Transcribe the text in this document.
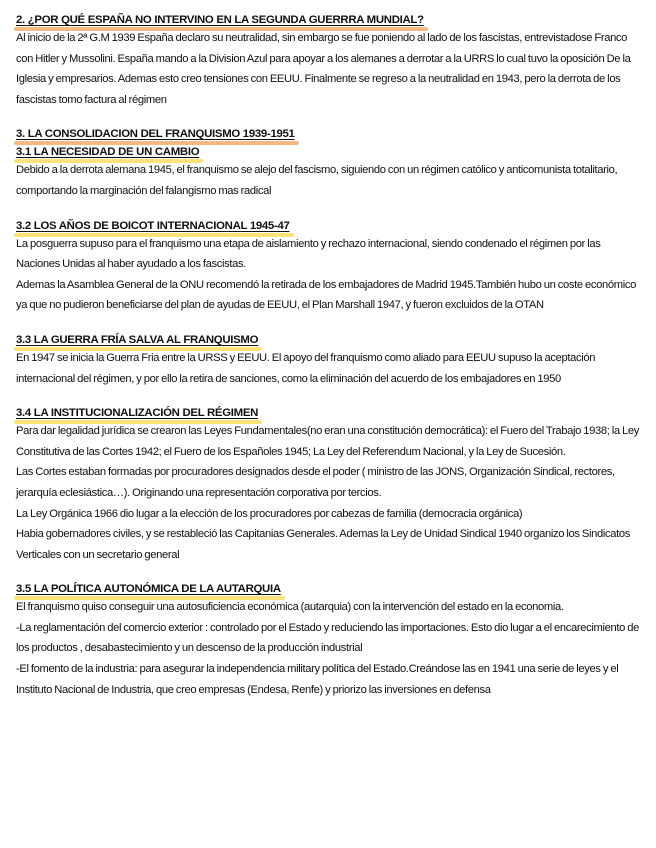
2. ¿POR QUÉ ESPAÑA NO INTERVINO EN LA SEGUNDA GUERRRA MUNDIAL?

Al inicio de la 2ª G.M 1939 España declaro su neutralidad, sin embargo se fue poniendo al lado de los fascistas, entrevistadose Franco con Hitler y Mussolini. España mando a la Division Azul para apoyar a los alemanes a derrotar a la URRS lo cual tuvo la oposición De la Iglesia y empresarios. Ademas esto creo tensiones con EEUU. Finalmente se regreso a la neutralidad en 1943, pero la derrota de los fascistas tomo factura al régimen

3. LA CONSOLIDACION DEL FRANQUISMO 1939-1951
3.1 LA NECESIDAD DE UN CAMBIO

Debido a la derrota alemana 1945, el franquismo se alejo del fascismo, siguiendo con un régimen católico y anticomunista totalitario, comportando la marginación del falangismo mas radical

3.2 LOS AÑOS DE BOICOT INTERNACIONAL 1945-47

La posguerra supuso para el franquismo una etapa de aislamiento y rechazo internacional, siendo condenado el régimen por las Naciones Unidas al haber ayudado a los fascistas.

Ademas la Asamblea General de la ONU recomendó la retirada de los embajadores de Madrid 1945.También hubo un coste económico ya que no pudieron beneficiarse del plan de ayudas de EEUU, el Plan Marshall 1947, y fueron excluidos de la OTAN

3.3 LA GUERRA FRÍA SALVA AL FRANQUISMO

En 1947 se inicia la Guerra Fria entre la URSS y EEUU. El apoyo del franquismo como aliado para EEUU supuso la aceptación internacional del régimen, y por ello la retira de sanciones, como la eliminación del acuerdo de los embajadores en 1950

3.4 LA INSTITUCIONALIZACIÓN DEL RÉGIMEN

Para dar legalidad jurídica se crearon las Leyes Fundamentales(no eran una constitución democrática): el Fuero del Trabajo 1938; la Ley Constitutiva de las Cortes 1942; el Fuero de los Españoles 1945; La Ley del Referendum Nacional, y la Ley de Sucesión.

Las Cortes estaban formadas por procuradores designados desde el poder ( ministro de las JONS, Organización Sindical, rectores, jerarquía eclesiástica…). Originando una representación corporativa por tercios.

La Ley Orgánica 1966 dio lugar a la elección de los procuradores por cabezas de familia (democracia orgánica)

Habia gobernadores civiles, y se restableció las Capitanias Generales. Ademas la Ley de Unidad Sindical 1940 organizo los Sindicatos Verticales con un secretario general

3.5 LA POLÍTICA AUTONÓMICA DE LA AUTARQUIA

El franquismo quiso conseguir una autosuficiencia económica (autarquia) con la intervención del estado en la economia.

-La reglamentación del comercio exterior : controlado por el Estado y reduciendo las importaciones. Esto dio lugar a el encarecimiento de los productos , desabastecimiento y un descenso de la producción industrial

-El fomento de la industria: para asegurar la independencia military política del Estado.Creándose las en 1941 una serie de leyes y el Instituto Nacional de Industria, que creo empresas (Endesa, Renfe) y priorizo las inversiones en defensa
